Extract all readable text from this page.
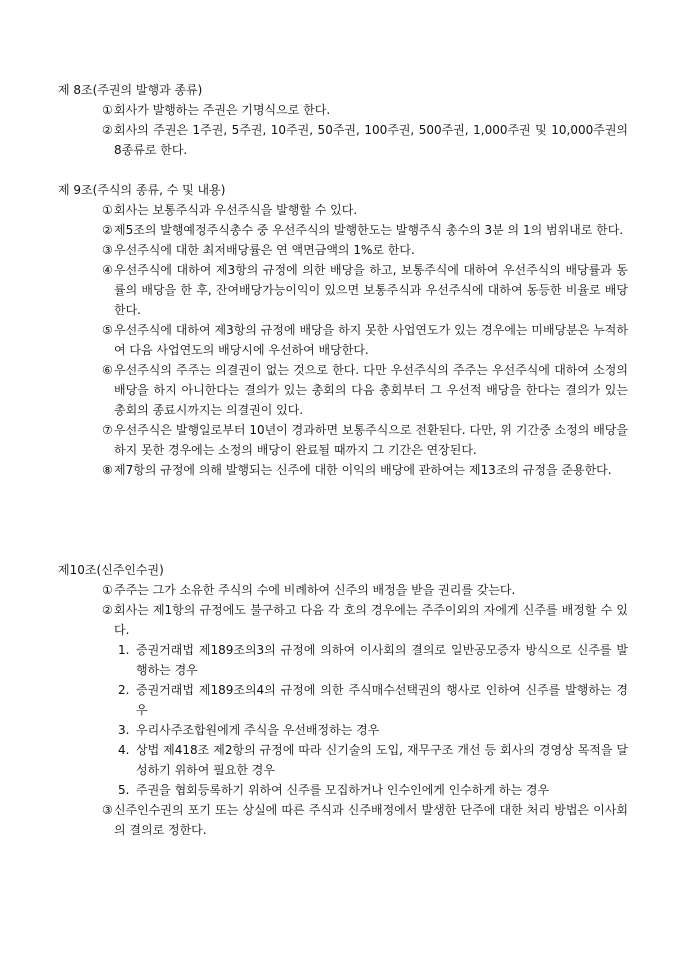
제 8조(주권의 발행과 종류)
① 회사가 발행하는 주권은 기명식으로 한다.
② 회사의 주권은 1주권, 5주권, 10주권, 50주권, 100주권, 500주권, 1,000주권 및 10,000주권의 8종류로 한다.
제 9조(주식의 종류, 수 및 내용)
① 회사는 보통주식과 우선주식을 발행할 수 있다.
② 제5조의 발행예정주식총수 중 우선주식의 발행한도는 발행주식 총수의 3분 의 1의 범위내로 한다.
③ 우선주식에 대한 최저배당률은 연 액면금액의 1%로 한다.
④ 우선주식에 대하여 제3항의 규정에 의한 배당을 하고, 보통주식에 대하여 우선주식의 배당률과 동률의 배당을 한 후, 잔여배당가능이익이 있으면 보통주식과 우선주식에 대하여 동등한 비율로 배당한다.
⑤ 우선주식에 대하여 제3항의 규정에 배당을 하지 못한 사업연도가 있는 경우에는 미배당분은 누적하여 다음 사업연도의 배당시에 우선하여 배당한다.
⑥ 우선주식의 주주는 의결권이 없는 것으로 한다. 다만 우선주식의 주주는 우선주식에 대하여 소정의 배당을 하지 아니한다는 결의가 있는 총회의 다음 총회부터 그 우선적 배당을 한다는 결의가 있는 총회의 종료시까지는 의결권이 있다.
⑦ 우선주식은 발행일로부터 10년이 경과하면 보통주식으로 전환된다. 다만, 위 기간중 소정의 배당을 하지 못한 경우에는 소정의 배당이 완료될 때까지 그 기간은 연장된다.
⑧ 제7항의 규정에 의해 발행되는 신주에 대한 이익의 배당에 관하여는 제13조의 규정을 준용한다.
제10조(신주인수권)
① 주주는 그가 소유한 주식의 수에 비례하여 신주의 배정을 받을 권리를 갖는다.
② 회사는 제1항의 규정에도 불구하고 다음 각 호의 경우에는 주주이외의 자에게 신주를 배정할 수 있다.
1. 증권거래법 제189조의3의 규정에 의하여 이사회의 결의로 일반공모증자 방식으로 신주를 발행하는 경우
2. 증권거래법 제189조의4의 규정에 의한 주식매수선택권의 행사로 인하여 신주를 발행하는 경우
3. 우리사주조합원에게 주식을 우선배정하는 경우
4. 상법 제418조 제2항의 규정에 따라 신기술의 도입, 재무구조 개선 등 회사의 경영상 목적을 달성하기 위하여 필요한 경우
5. 주권을 협회등록하기 위하여 신주를 모집하거나 인수인에게 인수하게 하는 경우
③ 신주인수권의 포기 또는 상실에 따른 주식과 신주배정에서 발생한 단주에 대한 처리 방법은 이사회의 결의로 정한다.
